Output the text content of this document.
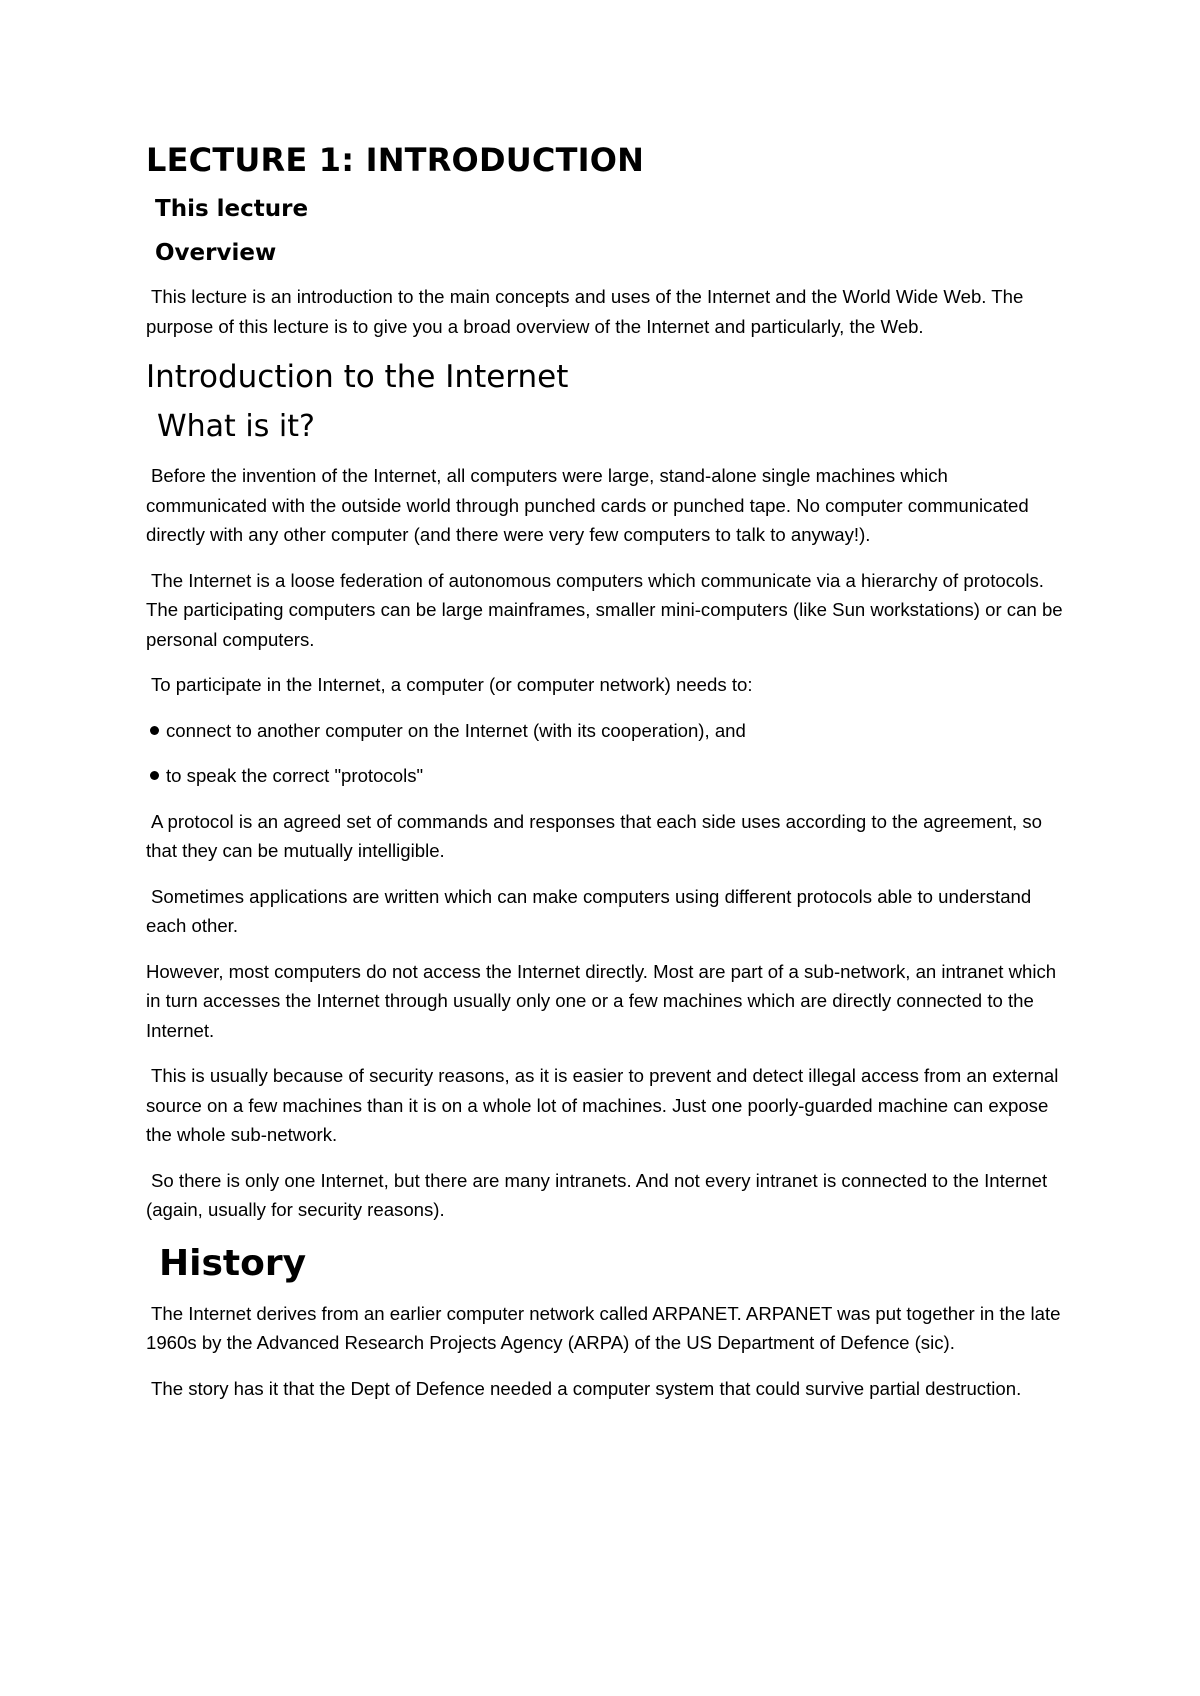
LECTURE 1: INTRODUCTION
This lecture
Overview

This lecture is an introduction to the main concepts and uses of the Internet and the World Wide Web. The purpose of this lecture is to give you a broad overview of the Internet and particularly, the Web.

Introduction to the Internet
What is it?

Before the invention of the Internet, all computers were large, stand-alone single machines which communicated with the outside world through punched cards or punched tape. No computer communicated directly with any other computer (and there were very few computers to talk to anyway!).

The Internet is a loose federation of autonomous computers which communicate via a hierarchy of protocols. The participating computers can be large mainframes, smaller mini-computers (like Sun workstations) or can be personal computers.

To participate in the Internet, a computer (or computer network) needs to:

connect to another computer on the Internet (with its cooperation), and
to speak the correct "protocols"

A protocol is an agreed set of commands and responses that each side uses according to the agreement, so that they can be mutually intelligible.

Sometimes applications are written which can make computers using different protocols able to understand each other.

However, most computers do not access the Internet directly. Most are part of a sub-network, an intranet which in turn accesses the Internet through usually only one or a few machines which are directly connected to the Internet.

This is usually because of security reasons, as it is easier to prevent and detect illegal access from an external source on a few machines than it is on a whole lot of machines. Just one poorly-guarded machine can expose the whole sub-network.

So there is only one Internet, but there are many intranets. And not every intranet is connected to the Internet (again, usually for security reasons).

History

The Internet derives from an earlier computer network called ARPANET. ARPANET was put together in the late 1960s by the Advanced Research Projects Agency (ARPA) of the US Department of Defence (sic).

The story has it that the Dept of Defence needed a computer system that could survive partial destruction.
